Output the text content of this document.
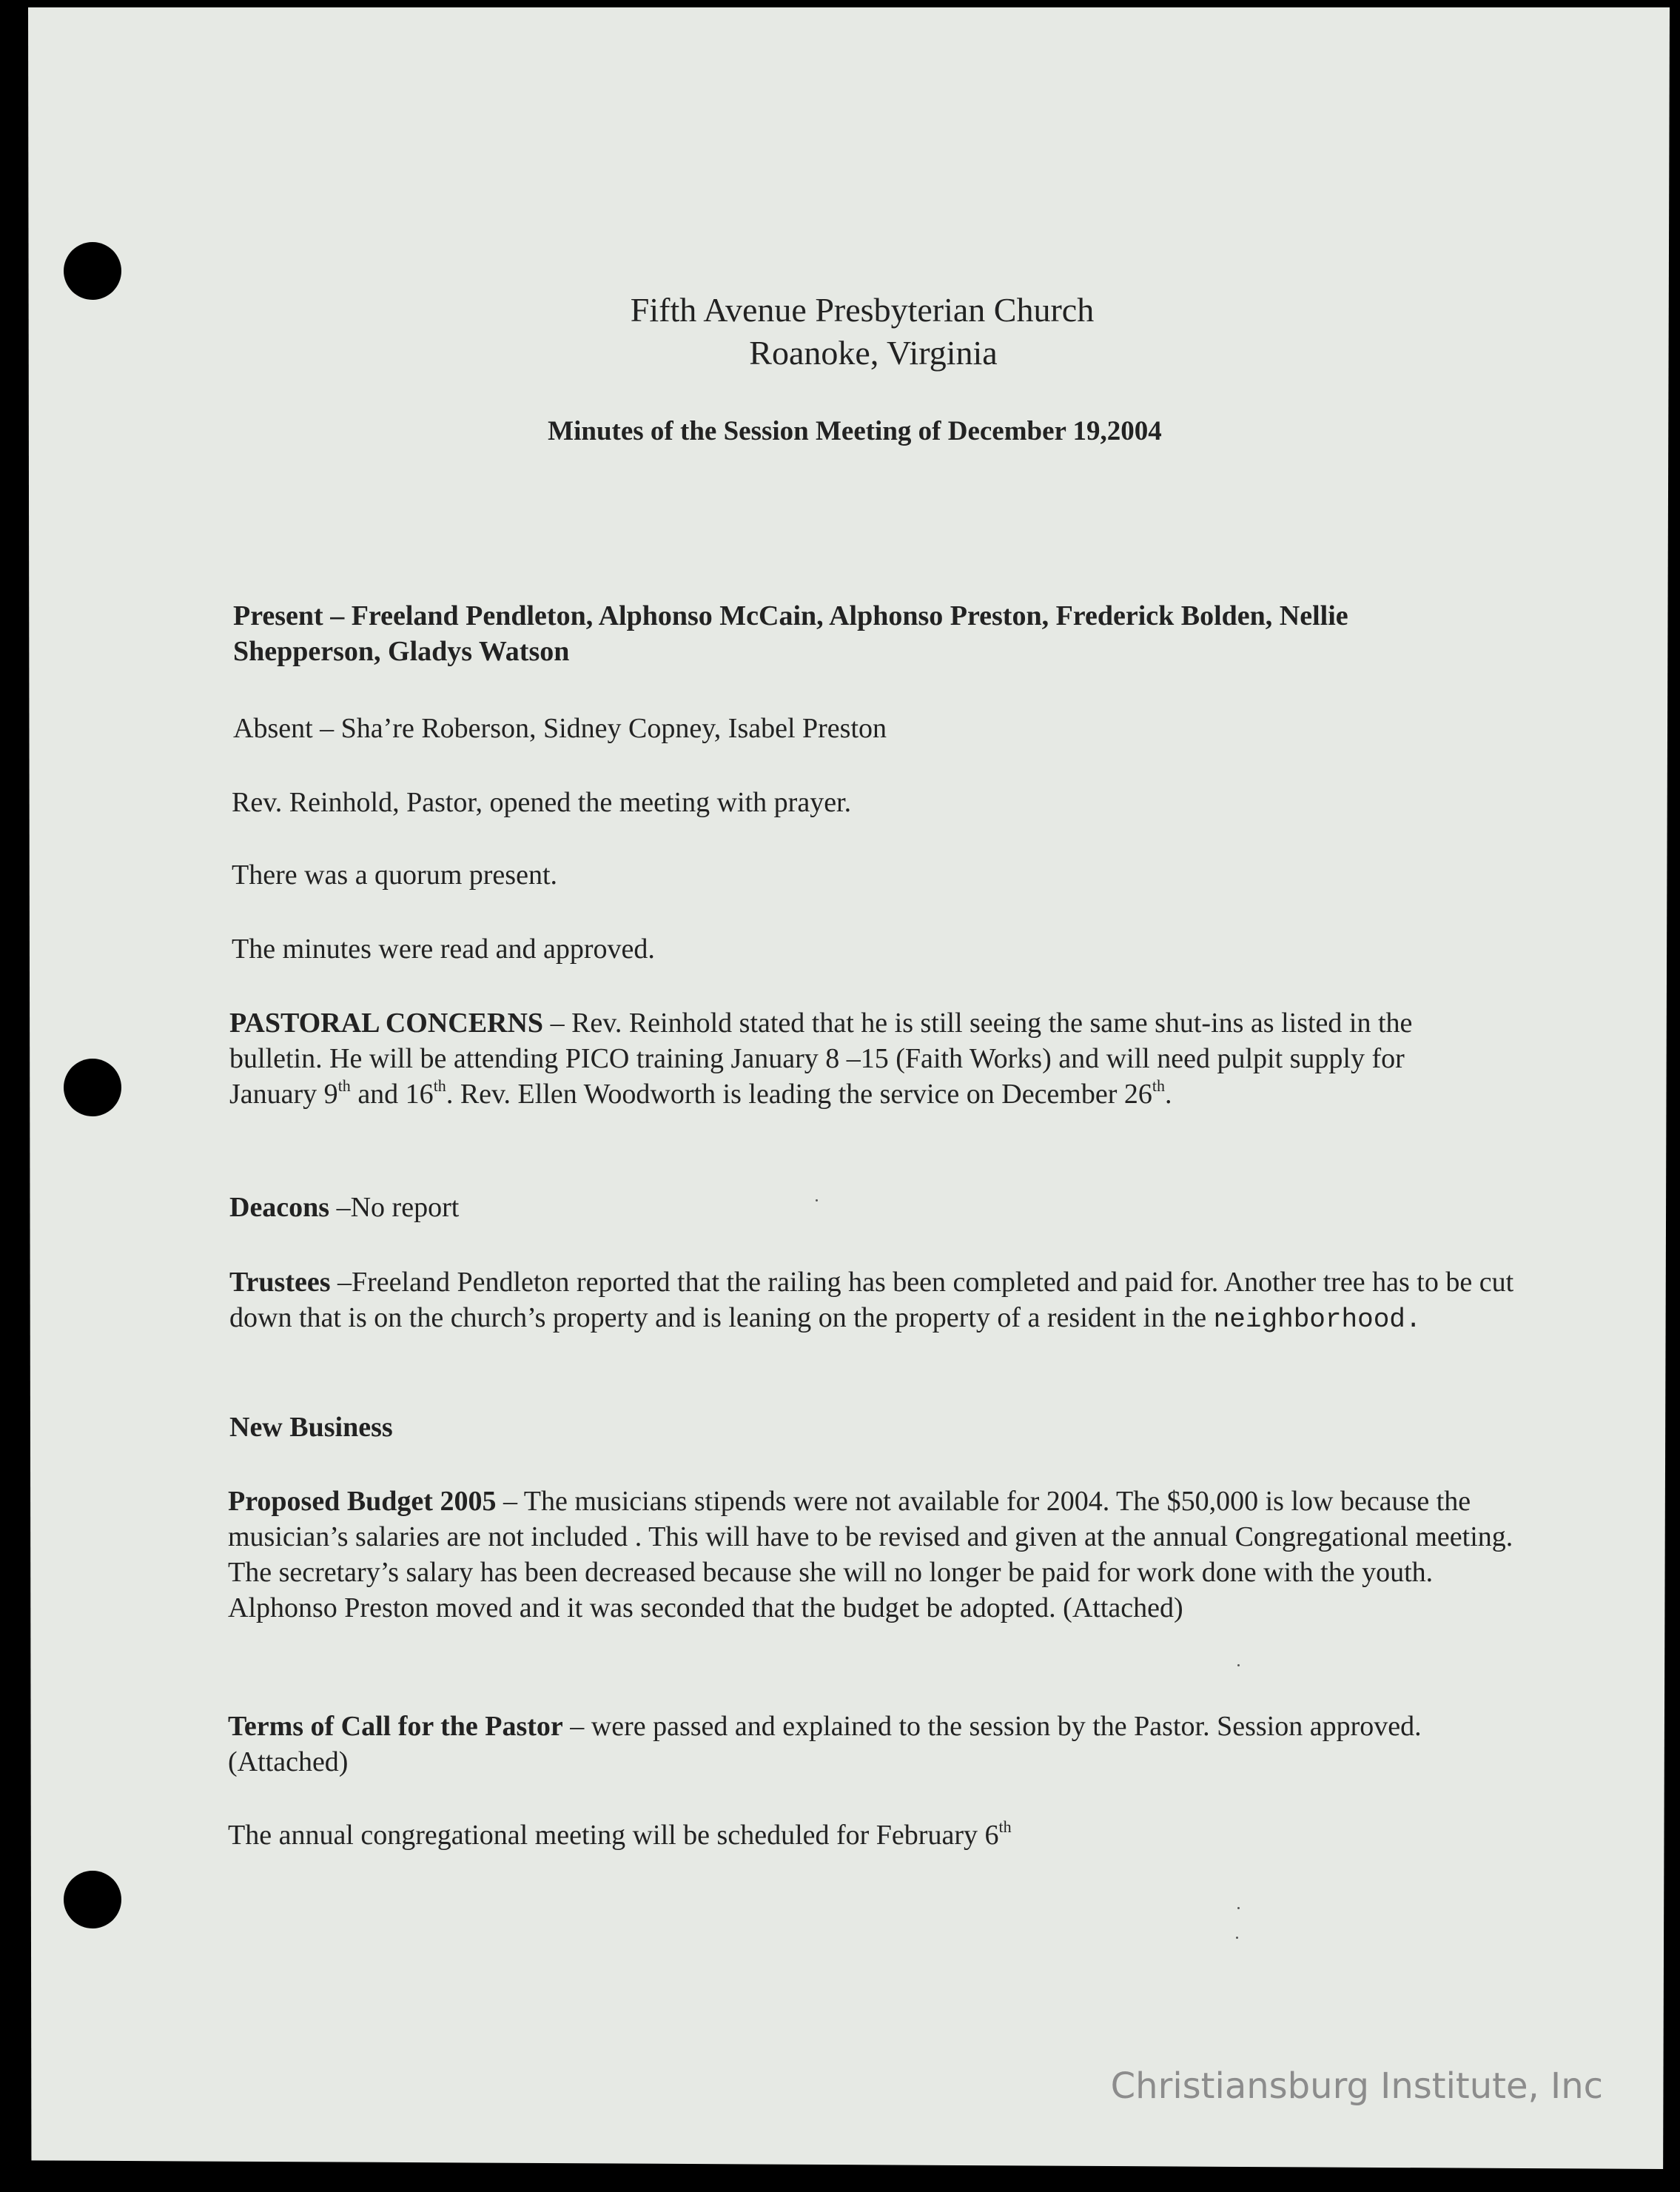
Fifth Avenue Presbyterian Church
Roanoke, Virginia
Minutes of the Session Meeting of December 19,2004
Present – Freeland Pendleton, Alphonso McCain, Alphonso Preston, Frederick Bolden, Nellie Shepperson, Gladys Watson
Absent – Sha’re Roberson, Sidney Copney, Isabel Preston
Rev. Reinhold, Pastor, opened the meeting with prayer.
There was a quorum present.
The minutes were read and approved.
PASTORAL CONCERNS – Rev. Reinhold stated that he is still seeing the same shut-ins as listed in the bulletin. He will be attending PICO training January 8 –15 (Faith Works) and will need pulpit supply for January 9th and 16th. Rev. Ellen Woodworth is leading the service on December 26th.
Deacons –No report
Trustees –Freeland Pendleton reported that the railing has been completed and paid for. Another tree has to be cut down that is on the church’s property and is leaning on the property of a resident in the neighborhood.
New Business
Proposed Budget 2005 – The musicians stipends were not available for 2004. The $50,000 is low because the musician’s salaries are not included . This will have to be revised and given at the annual Congregational meeting. The secretary’s salary has been decreased because she will no longer be paid for work done with the youth. Alphonso Preston moved and it was seconded that the budget be adopted. (Attached)
Terms of Call for the Pastor – were passed and explained to the session by the Pastor. Session approved. (Attached)
The annual congregational meeting will be scheduled for February 6th
Christiansburg Institute, Inc
